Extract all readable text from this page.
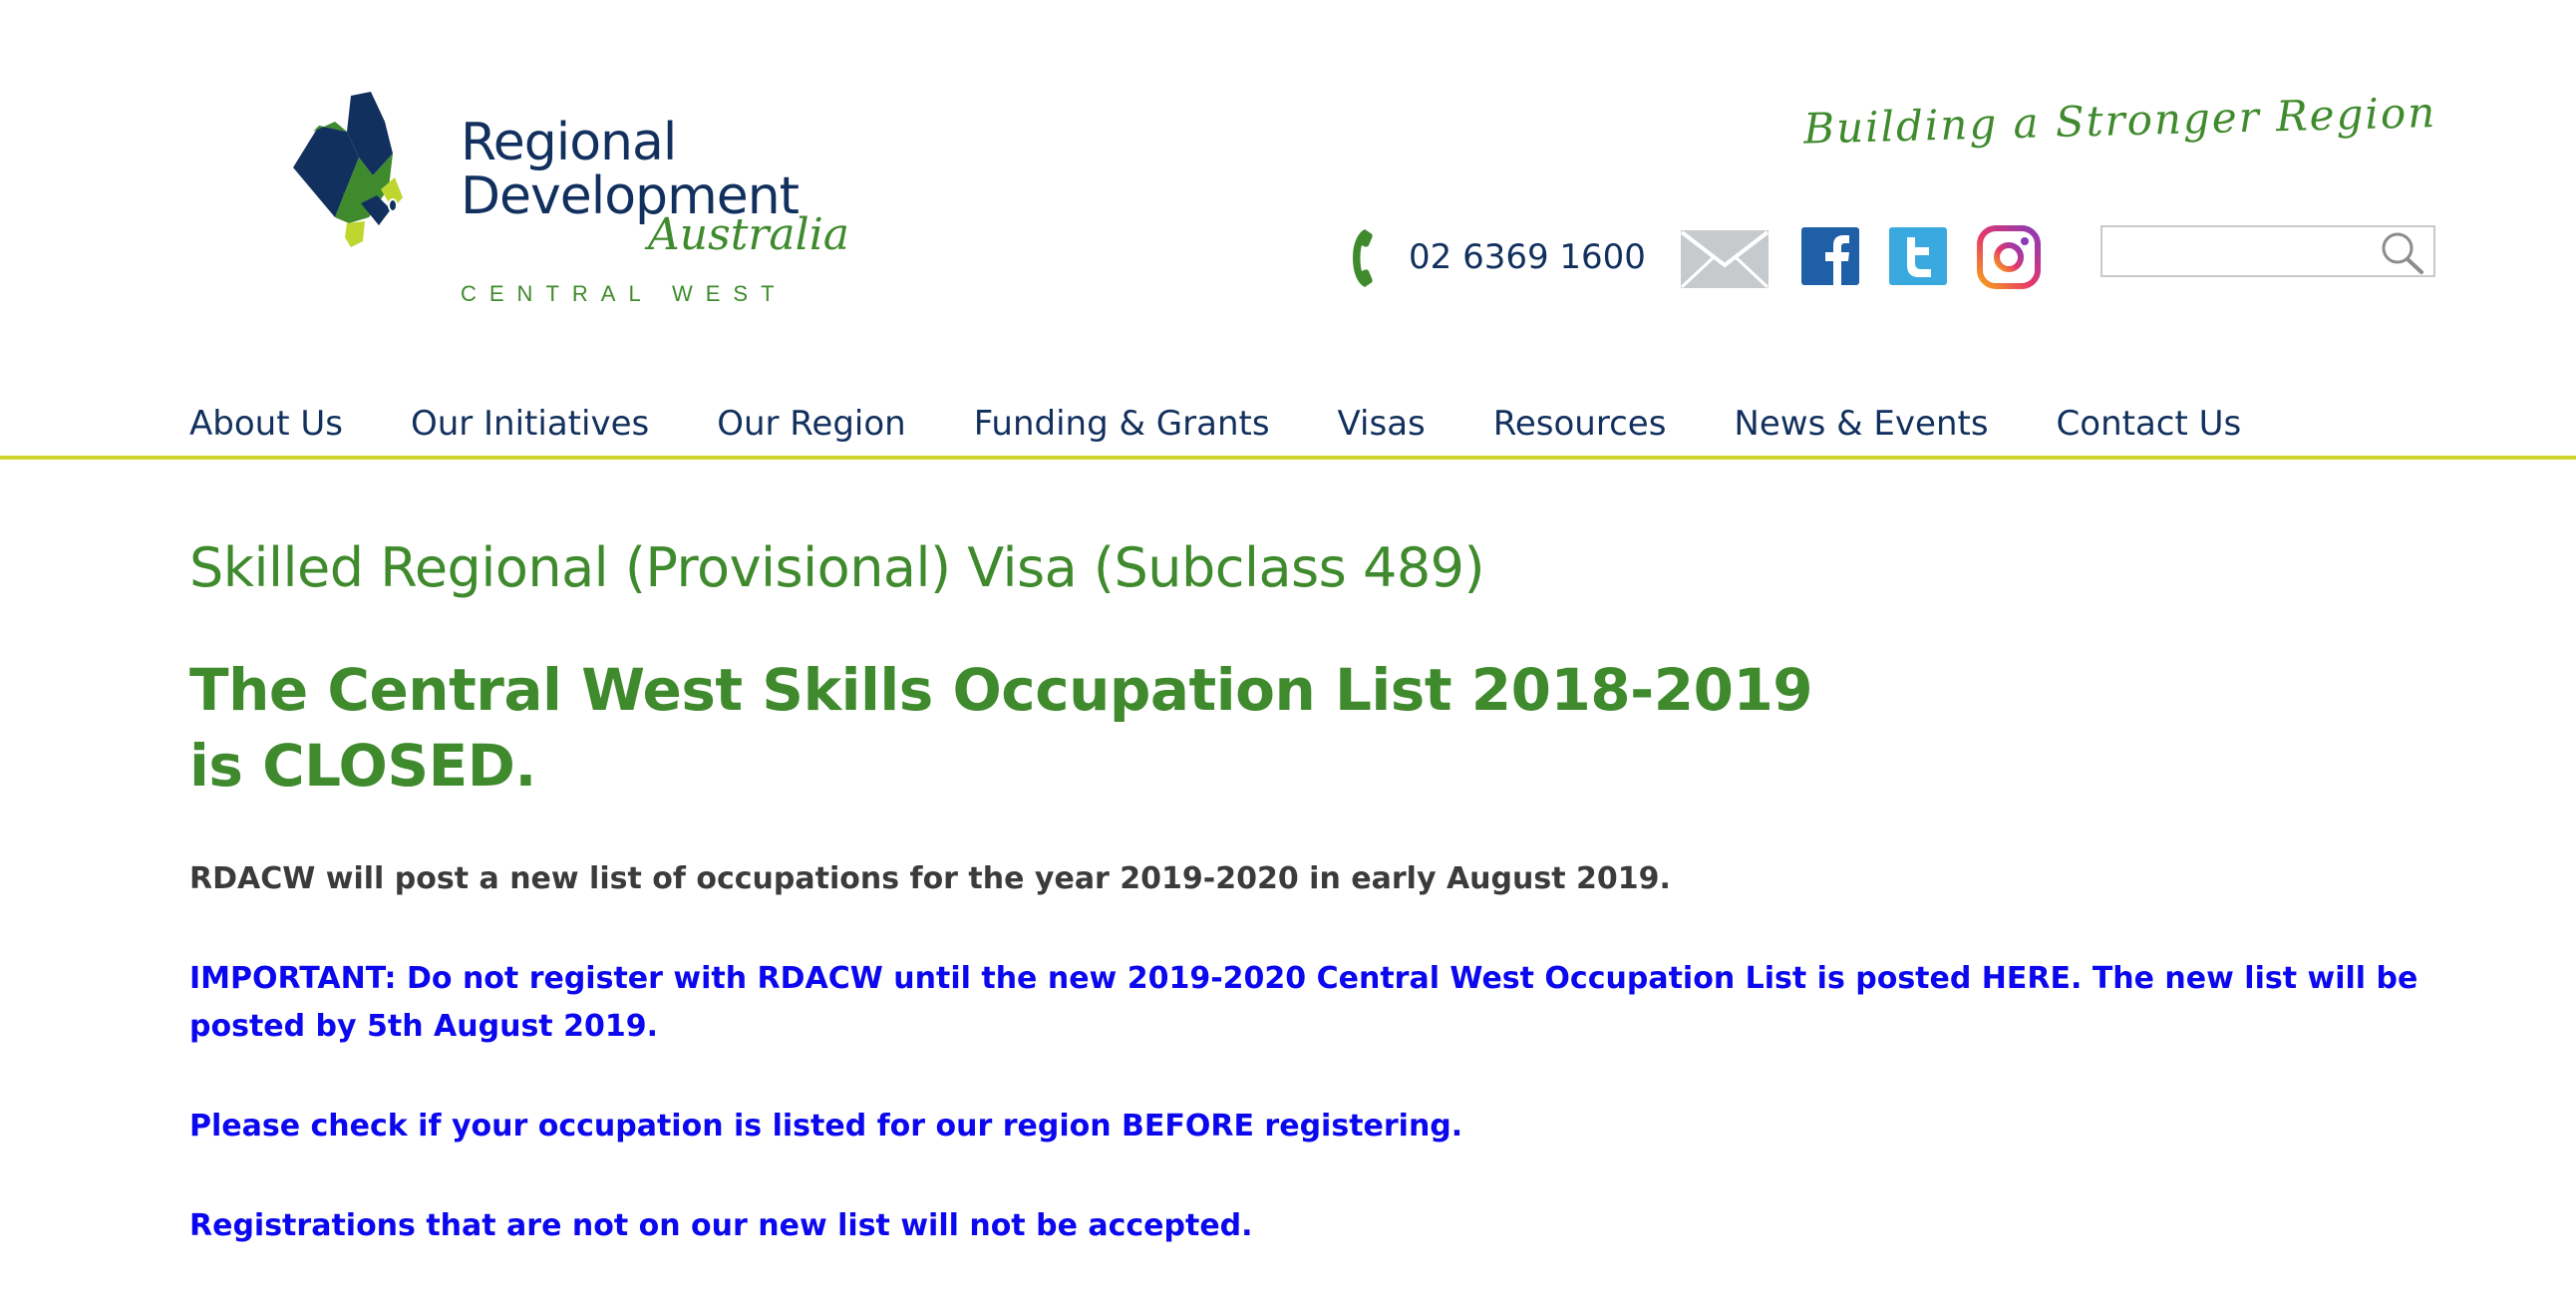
Regional
Development
Australia
CENTRAL WEST
Building a Stronger Region
02 6369 1600
About Us Our Initiatives Our Region Funding & Grants Visas Resources News & Events Contact Us
Skilled Regional (Provisional) Visa (Subclass 489)
The Central West Skills Occupation List 2018-2019
is CLOSED.

RDACW will post a new list of occupations for the year 2019-2020 in early August 2019.

IMPORTANT: Do not register with RDACW until the new 2019-2020 Central West Occupation List is posted HERE. The new list will be posted by 5th August 2019.

Please check if your occupation is listed for our region BEFORE registering.

Registrations that are not on our new list will not be accepted.
